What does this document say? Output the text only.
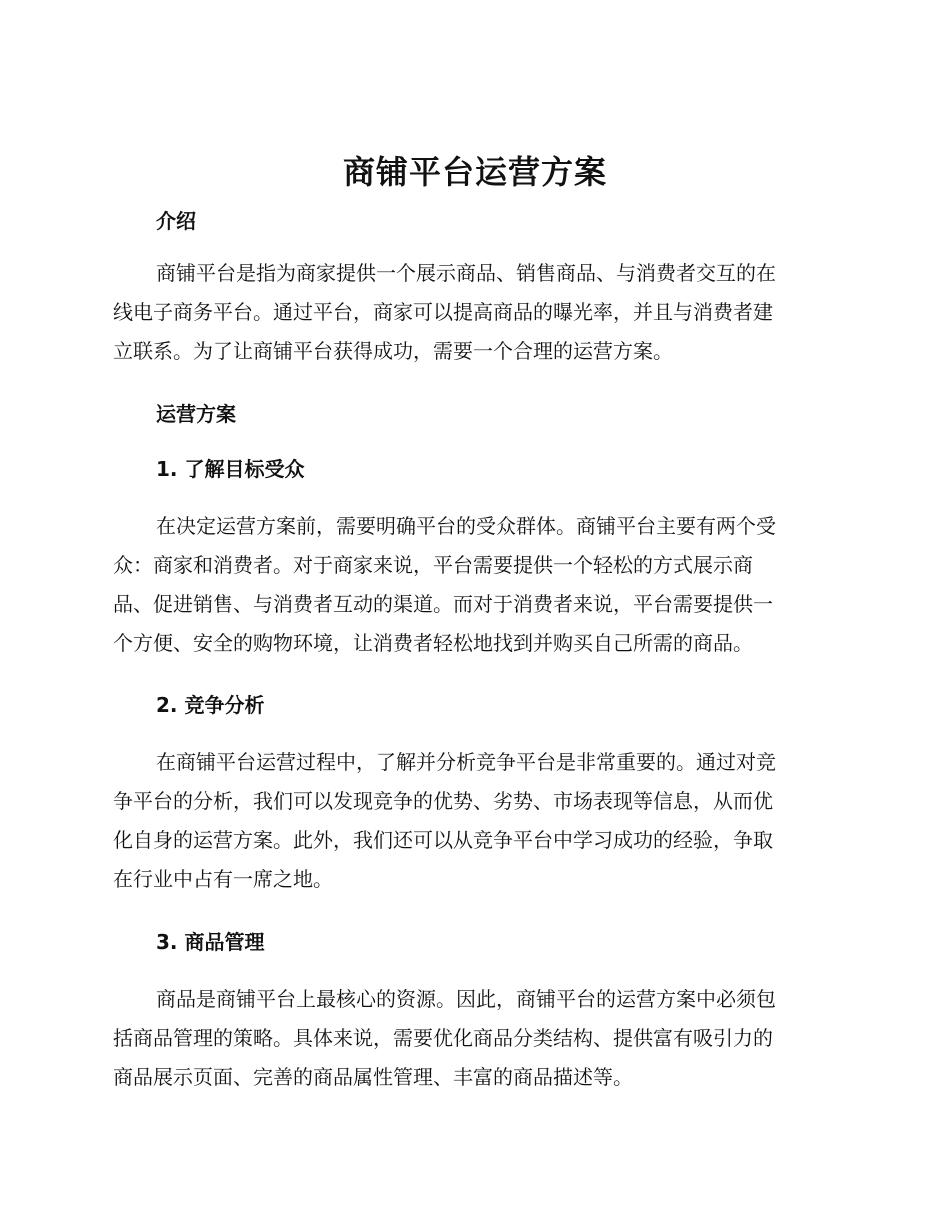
商铺平台运营方案
介绍
商铺平台是指为商家提供一个展示商品、销售商品、与消费者交互的在
线电子商务平台。通过平台，商家可以提高商品的曝光率，并且与消费者建
立联系。为了让商铺平台获得成功，需要一个合理的运营方案。
运营方案
1. 了解目标受众
在决定运营方案前，需要明确平台的受众群体。商铺平台主要有两个受
众：商家和消费者。对于商家来说，平台需要提供一个轻松的方式展示商
品、促进销售、与消费者互动的渠道。而对于消费者来说，平台需要提供一
个方便、安全的购物环境，让消费者轻松地找到并购买自己所需的商品。
2. 竞争分析
在商铺平台运营过程中，了解并分析竞争平台是非常重要的。通过对竞
争平台的分析，我们可以发现竞争的优势、劣势、市场表现等信息，从而优
化自身的运营方案。此外，我们还可以从竞争平台中学习成功的经验，争取
在行业中占有一席之地。
3. 商品管理
商品是商铺平台上最核心的资源。因此，商铺平台的运营方案中必须包
括商品管理的策略。具体来说，需要优化商品分类结构、提供富有吸引力的
商品展示页面、完善的商品属性管理、丰富的商品描述等。
